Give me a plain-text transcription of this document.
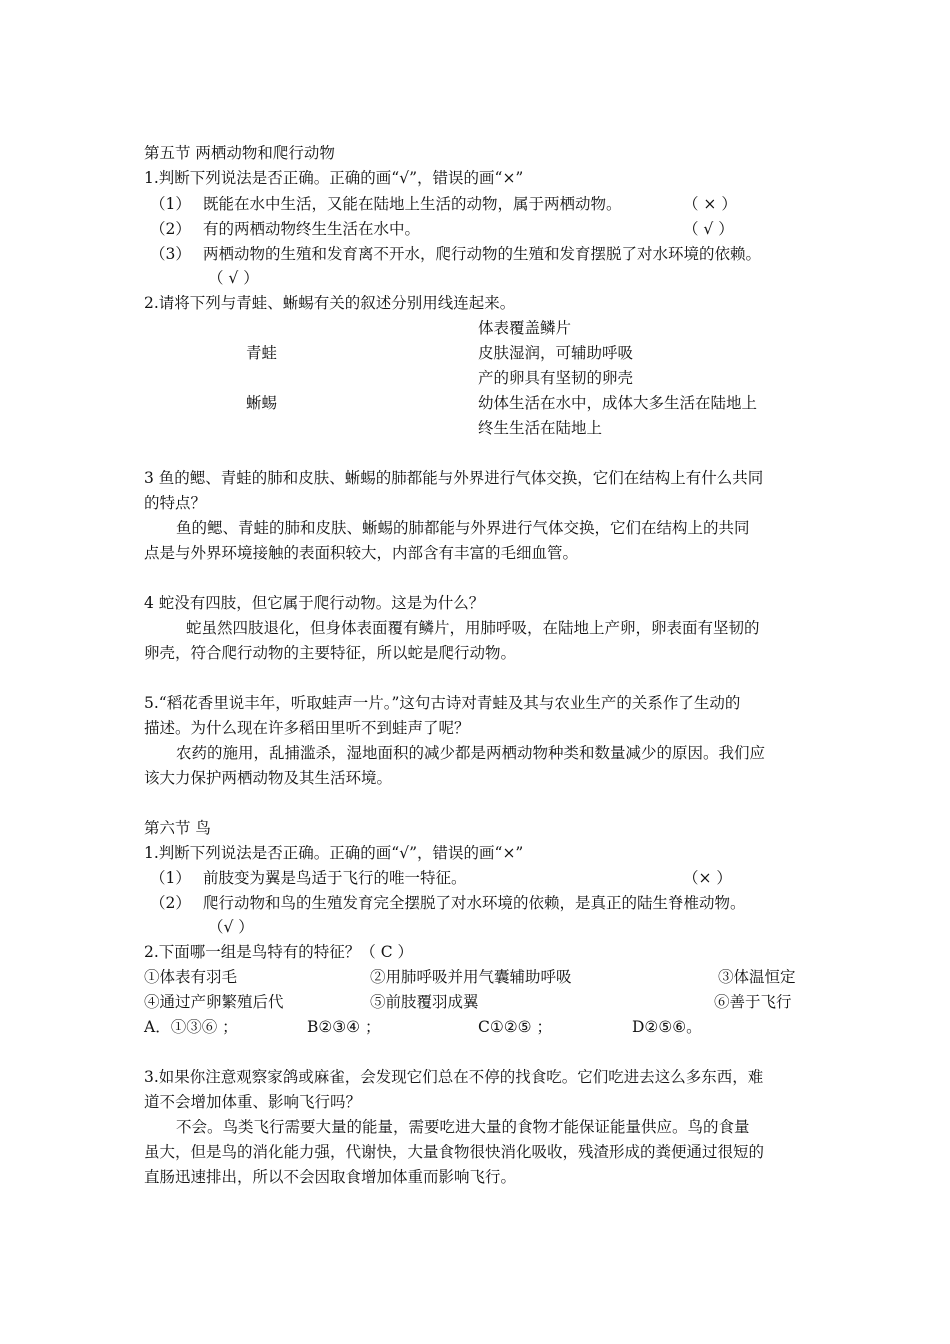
第五节 两栖动物和爬行动物
1.判断下列说法是否正确。正确的画“√”，错误的画“×”
（1） 既能在水中生活，又能在陆地上生活的动物，属于两栖动物。	（ × ）
（2） 有的两栖动物终生生活在水中。	（ √ ）
（3） 两栖动物的生殖和发育离不开水，爬行动物的生殖和发育摆脱了对水环境的依赖。
（ √ ）
2.请将下列与青蛙、蜥蜴有关的叙述分别用线连起来。
体表覆盖鳞片
青蛙	皮肤湿润，可辅助呼吸
产的卵具有坚韧的卵壳
蜥蜴	幼体生活在水中，成体大多生活在陆地上
终生生活在陆地上
3 鱼的鳃、青蛙的肺和皮肤、蜥蜴的肺都能与外界进行气体交换，它们在结构上有什么共同
的特点？
鱼的鳃、青蛙的肺和皮肤、蜥蜴的肺都能与外界进行气体交换，它们在结构上的共同
点是与外界环境接触的表面积较大，内部含有丰富的毛细血管。
4 蛇没有四肢，但它属于爬行动物。这是为什么？
蛇虽然四肢退化，但身体表面覆有鳞片，用肺呼吸，在陆地上产卵，卵表面有坚韧的
卵壳，符合爬行动物的主要特征，所以蛇是爬行动物。
5.“稻花香里说丰年，听取蛙声一片。”这句古诗对青蛙及其与农业生产的关系作了生动的
描述。为什么现在许多稻田里听不到蛙声了呢？
农药的施用，乱捕滥杀，湿地面积的减少都是两栖动物种类和数量减少的原因。我们应
该大力保护两栖动物及其生活环境。
第六节 鸟
1.判断下列说法是否正确。正确的画“√”，错误的画“×”
（1） 前肢变为翼是鸟适于飞行的唯一特征。	（× ）
（2） 爬行动物和鸟的生殖发育完全摆脱了对水环境的依赖，是真正的陆生脊椎动物。
（√ ）
2.下面哪一组是鸟特有的特征？（ C ）
①体表有羽毛	②用肺呼吸并用气囊辅助呼吸	③体温恒定
④通过产卵繁殖后代	⑤前肢覆羽成翼	⑥善于飞行
A．①③⑥ ；	B②③④ ；	C①②⑤ ；	D②⑤⑥。
3.如果你注意观察家鸽或麻雀，会发现它们总在不停的找食吃。它们吃进去这么多东西，难
道不会增加体重、影响飞行吗？
不会。鸟类飞行需要大量的能量，需要吃进大量的食物才能保证能量供应。鸟的食量
虽大，但是鸟的消化能力强，代谢快，大量食物很快消化吸收，残渣形成的粪便通过很短的
直肠迅速排出，所以不会因取食增加体重而影响飞行。
